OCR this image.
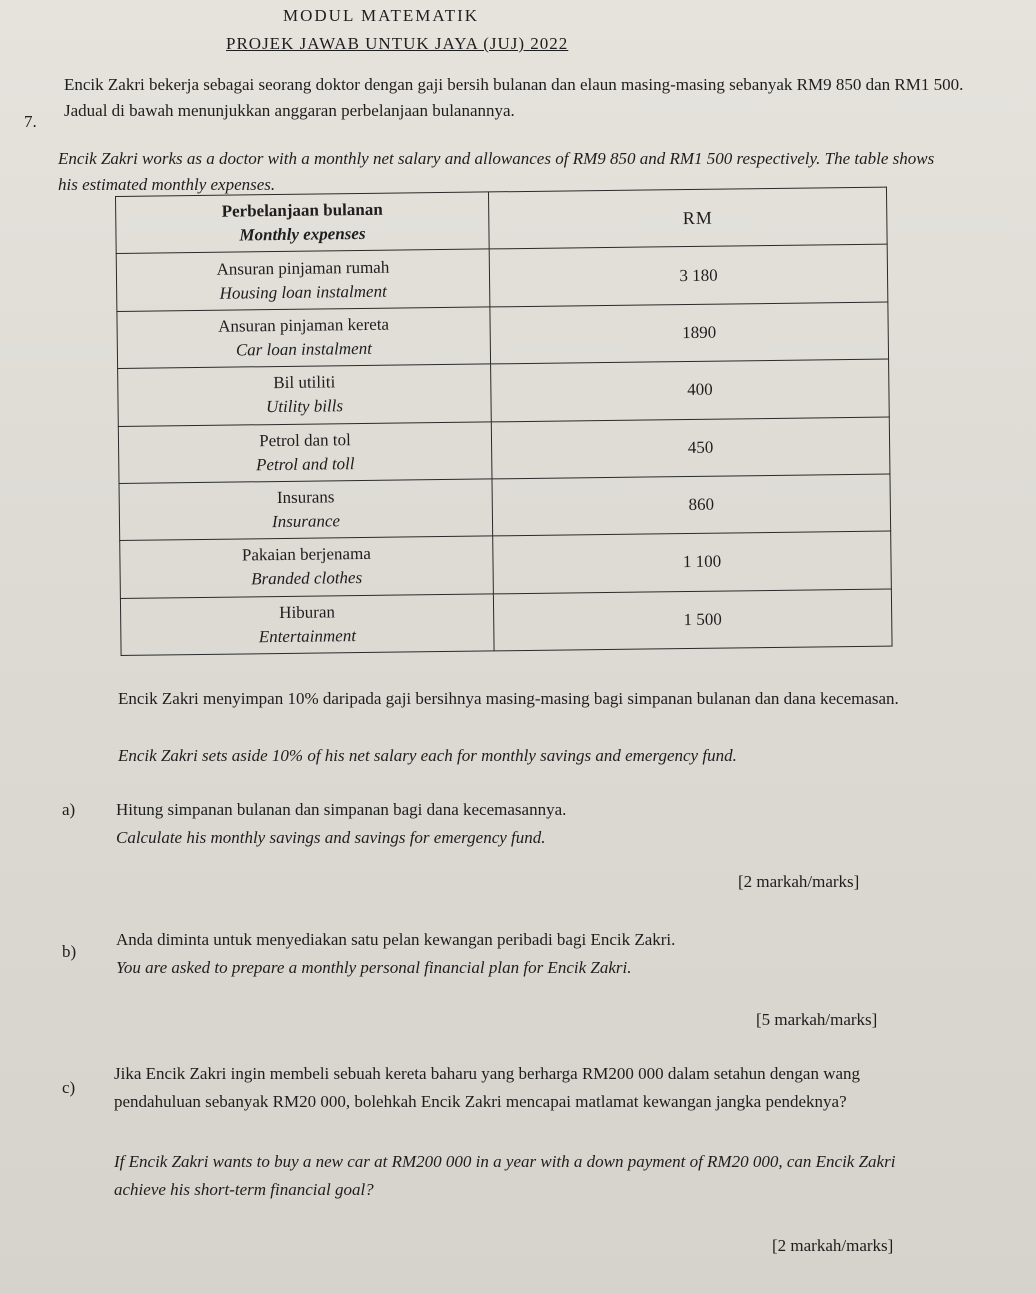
MODUL MATEMATIK
PROJEK JAWAB UNTUK JAYA (JUJ) 2022
7.
Encik Zakri bekerja sebagai seorang doktor dengan gaji bersih bulanan dan elaun masing-masing sebanyak RM9 850 dan RM1 500. Jadual di bawah menunjukkan anggaran perbelanjaan bulanannya.
Encik Zakri works as a doctor with a monthly net salary and allowances of RM9 850 and RM1 500 respectively. The table shows his estimated monthly expenses.
Perbelanjaan bulanan
Monthly expenses	RM

Ansuran pinjaman rumah
Housing loan instalment	3 180

Ansuran pinjaman kereta
Car loan instalment	1890

Bil utiliti
Utility bills	400

Petrol dan tol
Petrol and toll	450

Insurans
Insurance	860

Pakaian berjenama
Branded clothes	1 100

Hiburan
Entertainment	1 500
Encik Zakri menyimpan 10% daripada gaji bersihnya masing-masing bagi simpanan bulanan dan dana kecemasan.
Encik Zakri sets aside 10% of his net salary each for monthly savings and emergency fund.
a) Hitung simpanan bulanan dan simpanan bagi dana kecemasannya.
Calculate his monthly savings and savings for emergency fund.
[2 markah/marks]
b)
Anda diminta untuk menyediakan satu pelan kewangan peribadi bagi Encik Zakri.
You are asked to prepare a monthly personal financial plan for Encik Zakri.
[5 markah/marks]
c)
Jika Encik Zakri ingin membeli sebuah kereta baharu yang berharga RM200 000 dalam setahun dengan wang pendahuluan sebanyak RM20 000, bolehkah Encik Zakri mencapai matlamat kewangan jangka pendeknya?
If Encik Zakri wants to buy a new car at RM200 000 in a year with a down payment of RM20 000, can Encik Zakri achieve his short-term financial goal?
[2 markah/marks]
